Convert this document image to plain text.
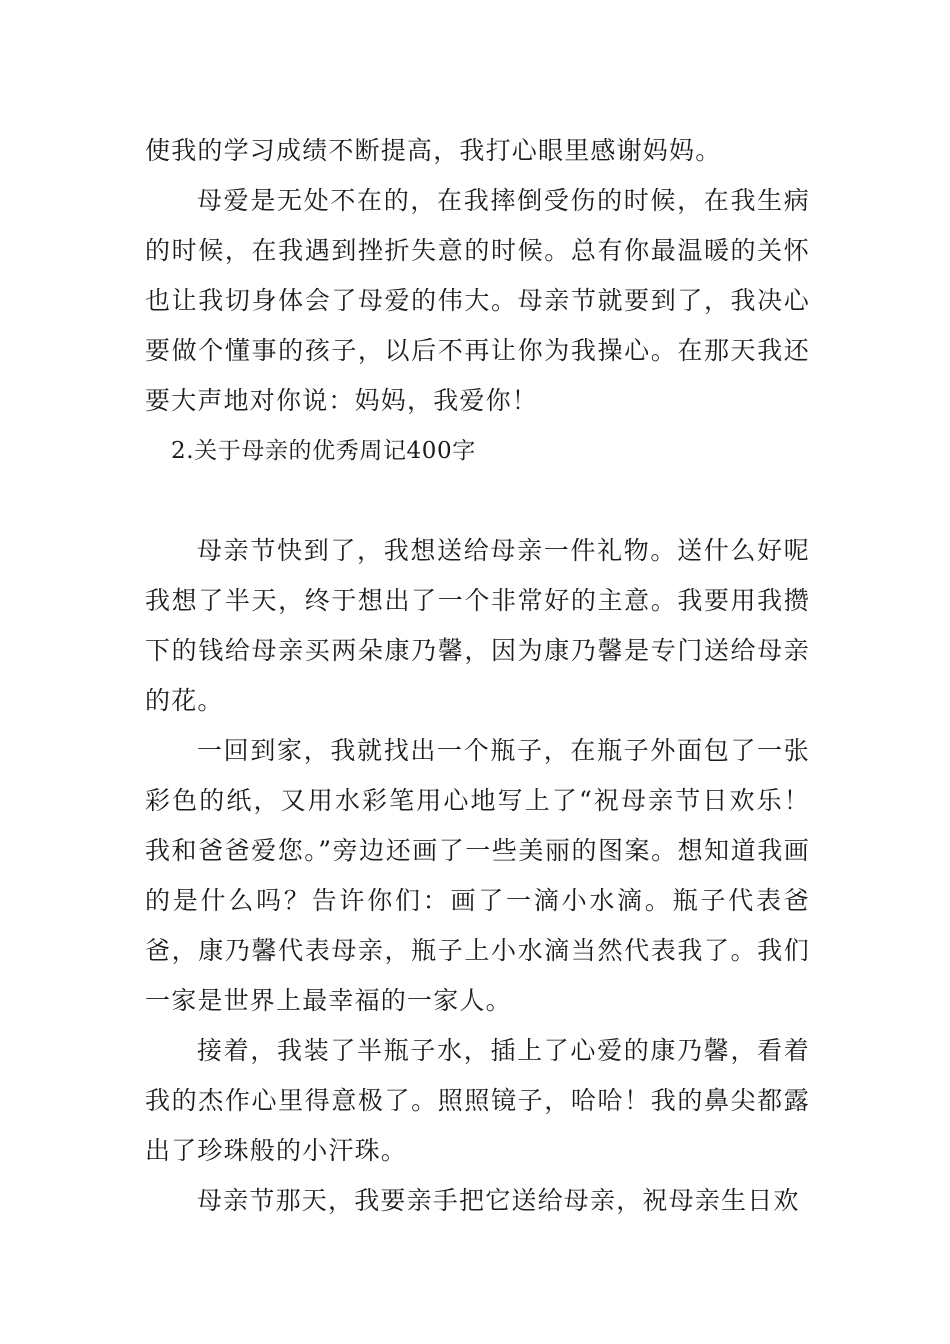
使我的学习成绩不断提高，我打心眼里感谢妈妈。

母爱是无处不在的，在我摔倒受伤的时候，在我生病的时候，在我遇到挫折失意的时候。总有你最温暖的关怀也让我切身体会了母爱的伟大。母亲节就要到了，我决心要做个懂事的孩子，以后不再让你为我操心。在那天我还要大声地对你说：妈妈，我爱你！

2.关于母亲的优秀周记400字

母亲节快到了，我想送给母亲一件礼物。送什么好呢我想了半天，终于想出了一个非常好的主意。我要用我攒下的钱给母亲买两朵康乃馨，因为康乃馨是专门送给母亲的花。

一回到家，我就找出一个瓶子，在瓶子外面包了一张彩色的纸，又用水彩笔用心地写上了“祝母亲节日欢乐！我和爸爸爱您。”旁边还画了一些美丽的图案。想知道我画的是什么吗？告许你们：画了一滴小水滴。瓶子代表爸爸，康乃馨代表母亲，瓶子上小水滴当然代表我了。我们一家是世界上最幸福的一家人。

接着，我装了半瓶子水，插上了心爱的康乃馨，看着我的杰作心里得意极了。照照镜子，哈哈！我的鼻尖都露出了珍珠般的小汗珠。

母亲节那天，我要亲手把它送给母亲，祝母亲生日欢
